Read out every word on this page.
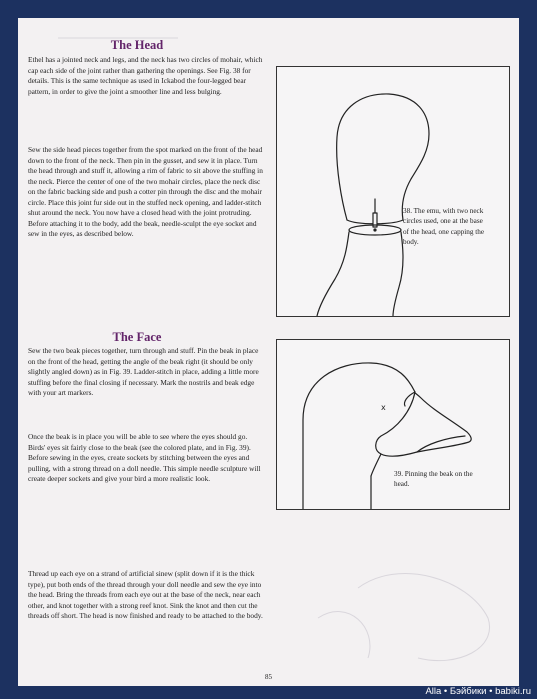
The Head

Ethel has a jointed neck and legs, and the neck has two circles of mohair, which cap each side of the joint rather than gathering the openings. See Fig. 38 for details. This is the same technique as used in Ickabod the four-legged bear pattern, in order to give the joint a smoother line and less bulging.

Sew the side head pieces together from the spot marked on the front of the head down to the front of the neck. Then pin in the gusset, and sew it in place. Turn the head through and stuff it, allowing a rim of fabric to sit above the stuffing in the neck. Pierce the center of one of the two mohair circles, place the neck disc on the fabric backing side and push a cotter pin through the disc and the mohair circle. Place this joint fur side out in the stuffed neck opening, and ladder-stitch shut around the neck. You now have a closed head with the joint protruding. Before attaching it to the body, add the beak, needle-sculpt the eye socket and sew in the eyes, as described below.

The Face

Sew the two beak pieces together, turn through and stuff. Pin the beak in place on the front of the head, getting the angle of the beak right (it should be only slightly angled down) as in Fig. 39. Ladder-stitch in place, adding a little more stuffing before the final closing if necessary. Mark the nostrils and beak edge with your art markers.

Once the beak is in place you will be able to see where the eyes should go. Birds' eyes sit fairly close to the beak (see the colored plate, and in Fig. 39). Before sewing in the eyes, create sockets by stitching between the eyes and pulling, with a strong thread on a doll needle. This simple needle sculpture will create deeper sockets and give your bird a more realistic look.

Thread up each eye on a strand of artificial sinew (split down if it is the thick type), put both ends of the thread through your doll needle and sew the eye into the head. Bring the threads from each eye out at the base of the neck, near each other, and knot together with a strong reef knot. Sink the knot and then cut the threads off short. The head is now finished and ready to be attached to the body.

38. The emu, with two neck circles used, one at the base of the head, one capping the body.

x

39. Pinning the beak on the head.

85
Alla • Бэйбики • babiki.ru
